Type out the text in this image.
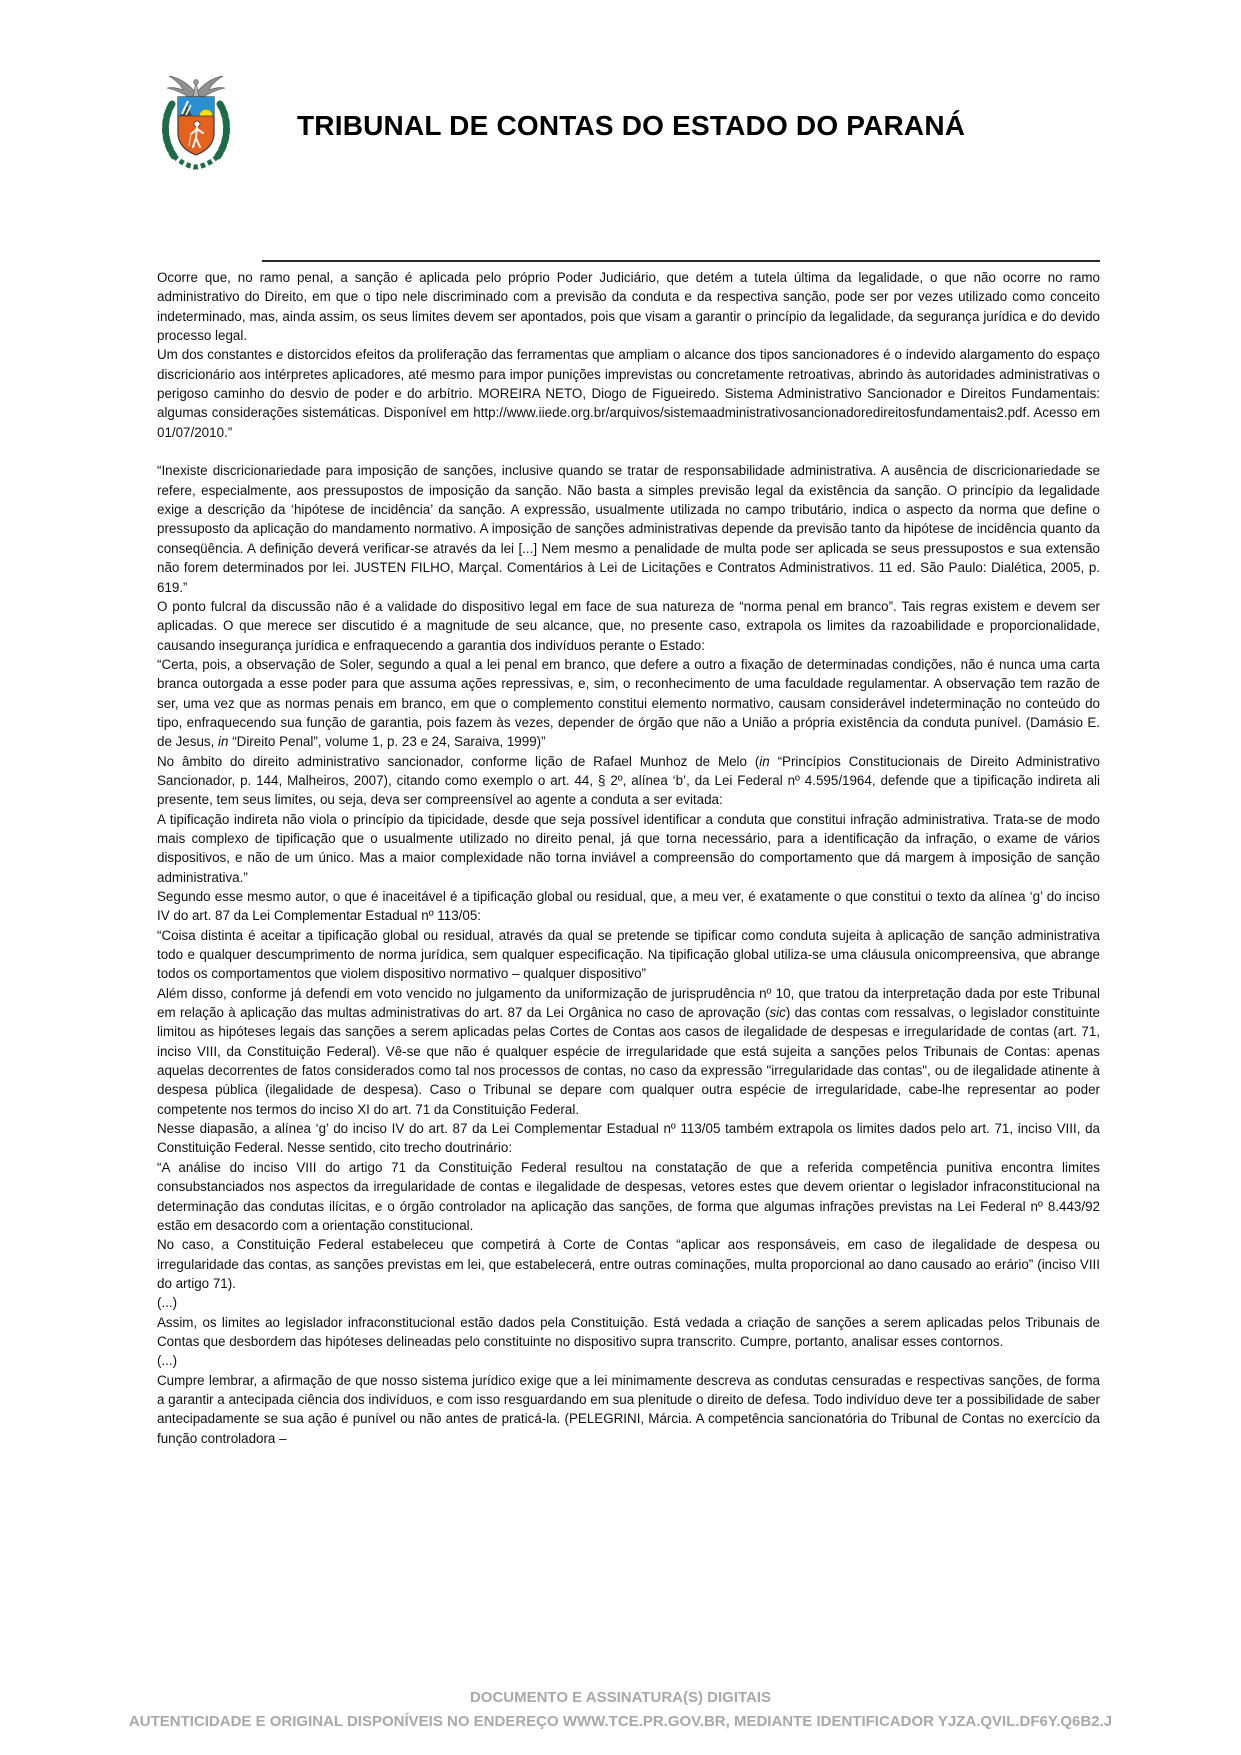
TRIBUNAL DE CONTAS DO ESTADO DO PARANÁ

Ocorre que, no ramo penal, a sanção é aplicada pelo próprio Poder Judiciário, que detém a tutela última da legalidade, o que não ocorre no ramo administrativo do Direito, em que o tipo nele discriminado com a previsão da conduta e da respectiva sanção, pode ser por vezes utilizado como conceito indeterminado, mas, ainda assim, os seus limites devem ser apontados, pois que visam a garantir o princípio da legalidade, da segurança jurídica e do devido processo legal.

Um dos constantes e distorcidos efeitos da proliferação das ferramentas que ampliam o alcance dos tipos sancionadores é o indevido alargamento do espaço discricionário aos intérpretes aplicadores, até mesmo para impor punições imprevistas ou concretamente retroativas, abrindo às autoridades administrativas o perigoso caminho do desvio de poder e do arbítrio. MOREIRA NETO, Diogo de Figueiredo. Sistema Administrativo Sancionador e Direitos Fundamentais: algumas considerações sistemáticas. Disponível em http://www.iiede.org.br/arquivos/sistemaadministrativosancionadoredireitosfundamentais2.pdf. Acesso em 01/07/2010.”

“Inexiste discricionariedade para imposição de sanções, inclusive quando se tratar de responsabilidade administrativa. A ausência de discricionariedade se refere, especialmente, aos pressupostos de imposição da sanção. Não basta a simples previsão legal da existência da sanção. O princípio da legalidade exige a descrição da ‘hipótese de incidência’ da sanção. A expressão, usualmente utilizada no campo tributário, indica o aspecto da norma que define o pressuposto da aplicação do mandamento normativo. A imposição de sanções administrativas depende da previsão tanto da hipótese de incidência quanto da conseqüência. A definição deverá verificar-se através da lei [...] Nem mesmo a penalidade de multa pode ser aplicada se seus pressupostos e sua extensão não forem determinados por lei. JUSTEN FILHO, Marçal. Comentários à Lei de Licitações e Contratos Administrativos. 11 ed. São Paulo: Dialética, 2005, p. 619.”

O ponto fulcral da discussão não é a validade do dispositivo legal em face de sua natureza de “norma penal em branco”. Tais regras existem e devem ser aplicadas. O que merece ser discutido é a magnitude de seu alcance, que, no presente caso, extrapola os limites da razoabilidade e proporcionalidade, causando insegurança jurídica e enfraquecendo a garantia dos indivíduos perante o Estado:

“Certa, pois, a observação de Soler, segundo a qual a lei penal em branco, que defere a outro a fixação de determinadas condições, não é nunca uma carta branca outorgada a esse poder para que assuma ações repressivas, e, sim, o reconhecimento de uma faculdade regulamentar. A observação tem razão de ser, uma vez que as normas penais em branco, em que o complemento constitui elemento normativo, causam considerável indeterminação no conteúdo do tipo, enfraquecendo sua função de garantia, pois fazem às vezes, depender de órgão que não a União a própria existência da conduta punível. (Damásio E. de Jesus, in “Direito Penal”, volume 1, p. 23 e 24, Saraiva, 1999)”

No âmbito do direito administrativo sancionador, conforme lição de Rafael Munhoz de Melo (in “Princípios Constitucionais de Direito Administrativo Sancionador, p. 144, Malheiros, 2007), citando como exemplo o art. 44, § 2º, alínea ‘b’, da Lei Federal nº 4.595/1964, defende que a tipificação indireta ali presente, tem seus limites, ou seja, deva ser compreensível ao agente a conduta a ser evitada:

A tipificação indireta não viola o princípio da tipicidade, desde que seja possível identificar a conduta que constitui infração administrativa. Trata-se de modo mais complexo de tipificação que o usualmente utilizado no direito penal, já que torna necessário, para a identificação da infração, o exame de vários dispositivos, e não de um único. Mas a maior complexidade não torna inviável a compreensão do comportamento que dá margem à imposição de sanção administrativa.”

Segundo esse mesmo autor, o que é inaceitável é a tipificação global ou residual, que, a meu ver, é exatamente o que constitui o texto da alínea ‘g’ do inciso IV do art. 87 da Lei Complementar Estadual nº 113/05:

“Coisa distinta é aceitar a tipificação global ou residual, através da qual se pretende se tipificar como conduta sujeita à aplicação de sanção administrativa todo e qualquer descumprimento de norma jurídica, sem qualquer especificação. Na tipificação global utiliza-se uma cláusula onicompreensiva, que abrange todos os comportamentos que violem dispositivo normativo – qualquer dispositivo”

Além disso, conforme já defendi em voto vencido no julgamento da uniformização de jurisprudência nº 10, que tratou da interpretação dada por este Tribunal em relação à aplicação das multas administrativas do art. 87 da Lei Orgânica no caso de aprovação (sic) das contas com ressalvas, o legislador constituinte limitou as hipóteses legais das sanções a serem aplicadas pelas Cortes de Contas aos casos de ilegalidade de despesas e irregularidade de contas (art. 71, inciso VIII, da Constituição Federal). Vê-se que não é qualquer espécie de irregularidade que está sujeita a sanções pelos Tribunais de Contas: apenas aquelas decorrentes de fatos considerados como tal nos processos de contas, no caso da expressão "irregularidade das contas", ou de ilegalidade atinente à despesa pública (ilegalidade de despesa). Caso o Tribunal se depare com qualquer outra espécie de irregularidade, cabe-lhe representar ao poder competente nos termos do inciso XI do art. 71 da Constituição Federal.

Nesse diapasão, a alínea ‘g’ do inciso IV do art. 87 da Lei Complementar Estadual nº 113/05 também extrapola os limites dados pelo art. 71, inciso VIII, da Constituição Federal. Nesse sentido, cito trecho doutrinário:

“A análise do inciso VIII do artigo 71 da Constituição Federal resultou na constatação de que a referida competência punitiva encontra limites consubstanciados nos aspectos da irregularidade de contas e ilegalidade de despesas, vetores estes que devem orientar o legislador infraconstitucional na determinação das condutas ilícitas, e o órgão controlador na aplicação das sanções, de forma que algumas infrações previstas na Lei Federal nº 8.443/92 estão em desacordo com a orientação constitucional.

No caso, a Constituição Federal estabeleceu que competirá à Corte de Contas “aplicar aos responsáveis, em caso de ilegalidade de despesa ou irregularidade das contas, as sanções previstas em lei, que estabelecerá, entre outras cominações, multa proporcional ao dano causado ao erário” (inciso VIII do artigo 71).

(...)

Assim, os limites ao legislador infraconstitucional estão dados pela Constituição. Está vedada a criação de sanções a serem aplicadas pelos Tribunais de Contas que desbordem das hipóteses delineadas pelo constituinte no dispositivo supra transcrito. Cumpre, portanto, analisar esses contornos.

(...)

Cumpre lembrar, a afirmação de que nosso sistema jurídico exige que a lei minimamente descreva as condutas censuradas e respectivas sanções, de forma a garantir a antecipada ciência dos indivíduos, e com isso resguardando em sua plenitude o direito de defesa. Todo indivíduo deve ter a possibilidade de saber antecipadamente se sua ação é punível ou não antes de praticá-la. (PELEGRINI, Márcia. A competência sancionatória do Tribunal de Contas no exercício da função controladora –

DOCUMENTO E ASSINATURA(S) DIGITAIS
AUTENTICIDADE E ORIGINAL DISPONÍVEIS NO ENDEREÇO WWW.TCE.PR.GOV.BR, MEDIANTE IDENTIFICADOR YJZA.QVIL.DF6Y.Q6B2.J
